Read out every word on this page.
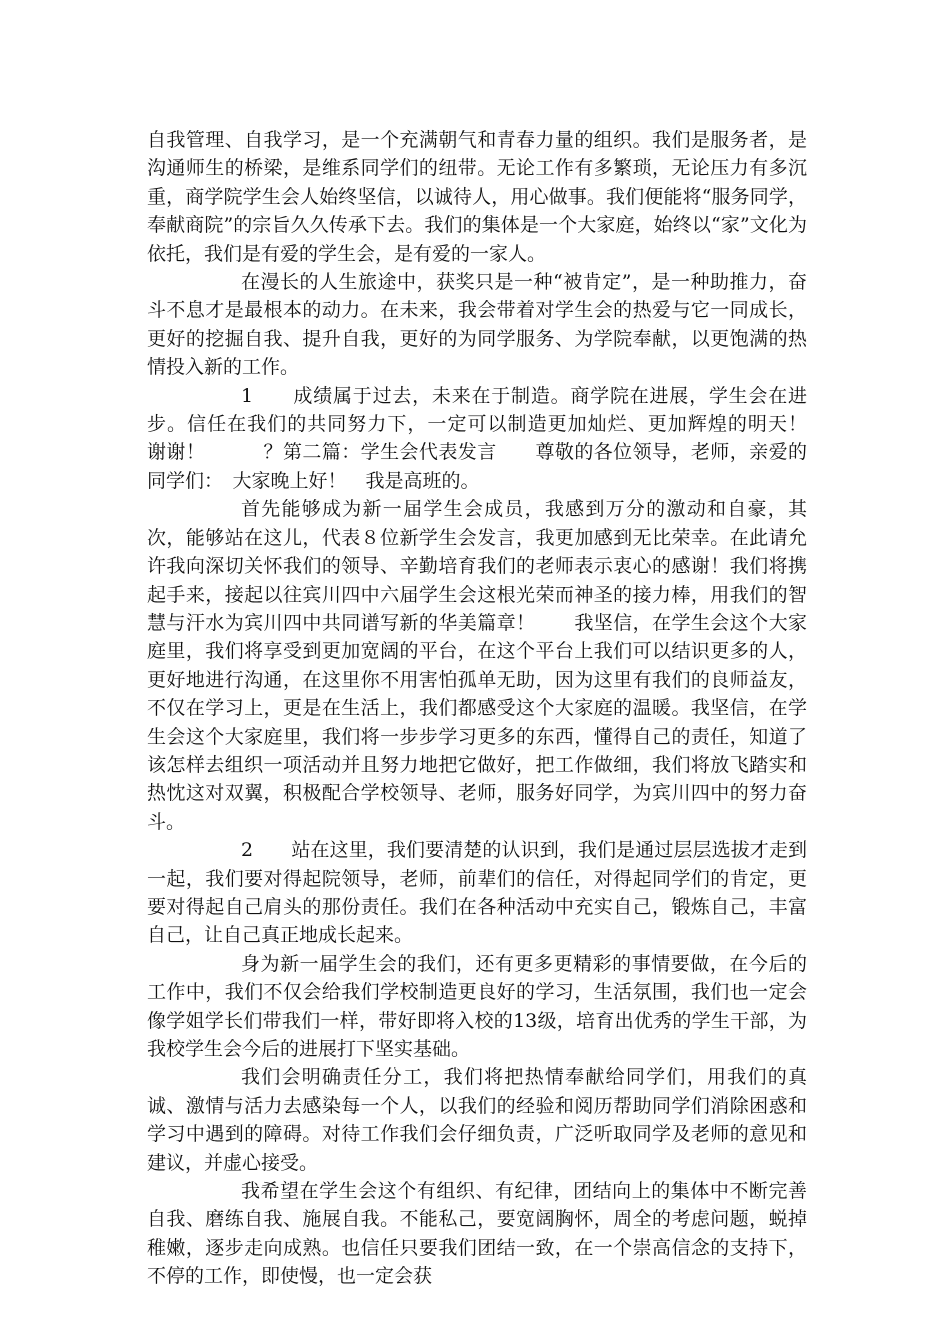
自我管理、自我学习，是一个充满朝气和青春力量的组织。我们是服务者，是沟通师生的桥梁，是维系同学们的纽带。无论工作有多繁琐，无论压力有多沉重，商学院学生会人始终坚信，以诚待人，用心做事。我们便能将“服务同学，奉献商院”的宗旨久久传承下去。我们的集体是一个大家庭，始终以“家”文化为依托，我们是有爱的学生会，是有爱的一家人。

在漫长的人生旅途中，获奖只是一种“被肯定”，是一种助推力，奋斗不息才是最根本的动力。在未来，我会带着对学生会的热爱与它一同成长，更好的挖掘自我、提升自我，更好的为同学服务、为学院奉献，以更饱满的热情投入新的工作。

1　　成绩属于过去，未来在于制造。商学院在进展，学生会在进步。信任在我们的共同努力下，一定可以制造更加灿烂、更加辉煌的明天！　　谢谢！　　　？第二篇：学生会代表发言　　尊敬的各位领导，老师，亲爱的同学们：　大家晚上好！　我是高班的。

首先能够成为新一届学生会成员，我感到万分的激动和自豪，其次，能够站在这儿，代表８位新学生会发言，我更加感到无比荣幸。在此请允许我向深切关怀我们的领导、辛勤培育我们的老师表示衷心的感谢！我们将携起手来，接起以往宾川四中六届学生会这根光荣而神圣的接力棒，用我们的智慧与汗水为宾川四中共同谱写新的华美篇章！　　我坚信，在学生会这个大家庭里，我们将享受到更加宽阔的平台，在这个平台上我们可以结识更多的人，更好地进行沟通，在这里你不用害怕孤单无助，因为这里有我们的良师益友，不仅在学习上，更是在生活上，我们都感受这个大家庭的温暖。我坚信，在学生会这个大家庭里，我们将一步步学习更多的东西，懂得自己的责任，知道了该怎样去组织一项活动并且努力地把它做好，把工作做细，我们将放飞踏实和热忱这对双翼，积极配合学校领导、老师，服务好同学，为宾川四中的努力奋斗。

2　　站在这里，我们要清楚的认识到，我们是通过层层选拔才走到一起，我们要对得起院领导，老师，前辈们的信任，对得起同学们的肯定，更要对得起自己肩头的那份责任。我们在各种活动中充实自己，锻炼自己，丰富自己，让自己真正地成长起来。

身为新一届学生会的我们，还有更多更精彩的事情要做，在今后的工作中，我们不仅会给我们学校制造更良好的学习，生活氛围，我们也一定会像学姐学长们带我们一样，带好即将入校的13级，培育出优秀的学生干部，为我校学生会今后的进展打下坚实基础。

我们会明确责任分工，我们将把热情奉献给同学们，用我们的真诚、激情与活力去感染每一个人，以我们的经验和阅历帮助同学们消除困惑和学习中遇到的障碍。对待工作我们会仔细负责，广泛听取同学及老师的意见和建议，并虚心接受。

我希望在学生会这个有组织、有纪律，团结向上的集体中不断完善自我、磨练自我、施展自我。不能私己，要宽阔胸怀，周全的考虑问题，蜕掉稚嫩，逐步走向成熟。也信任只要我们团结一致，在一个崇高信念的支持下，不停的工作，即使慢，也一定会获
